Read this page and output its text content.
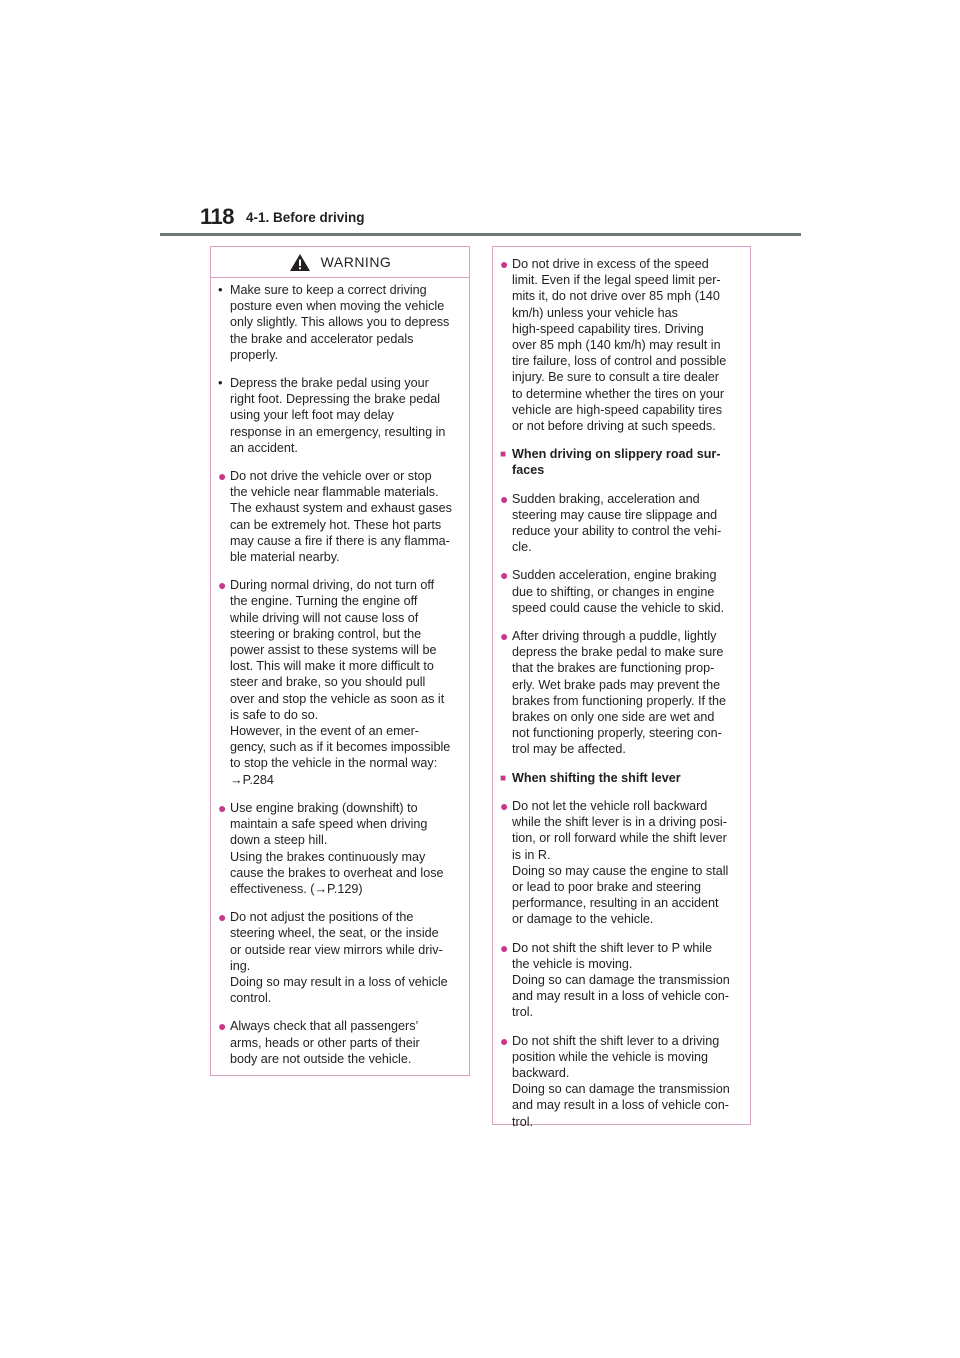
118 4-1. Before driving
WARNING
• Make sure to keep a correct driving
posture even when moving the vehicle
only slightly. This allows you to depress
the brake and accelerator pedals
properly.

• Depress the brake pedal using your
right foot. Depressing the brake pedal
using your left foot may delay
response in an emergency, resulting in
an accident.

● Do not drive the vehicle over or stop
the vehicle near flammable materials.
The exhaust system and exhaust gases
can be extremely hot. These hot parts
may cause a fire if there is any flamma-
ble material nearby.

● During normal driving, do not turn off
the engine. Turning the engine off
while driving will not cause loss of
steering or braking control, but the
power assist to these systems will be
lost. This will make it more difficult to
steer and brake, so you should pull
over and stop the vehicle as soon as it
is safe to do so.
However, in the event of an emer-
gency, such as if it becomes impossible
to stop the vehicle in the normal way:
→P.284

● Use engine braking (downshift) to
maintain a safe speed when driving
down a steep hill.
Using the brakes continuously may
cause the brakes to overheat and lose
effectiveness. (→P.129)

● Do not adjust the positions of the
steering wheel, the seat, or the inside
or outside rear view mirrors while driv-
ing.
Doing so may result in a loss of vehicle
control.

● Always check that all passengers’
arms, heads or other parts of their
body are not outside the vehicle.

● Do not drive in excess of the speed
limit. Even if the legal speed limit per-
mits it, do not drive over 85 mph (140
km/h) unless your vehicle has
high-speed capability tires. Driving
over 85 mph (140 km/h) may result in
tire failure, loss of control and possible
injury. Be sure to consult a tire dealer
to determine whether the tires on your
vehicle are high-speed capability tires
or not before driving at such speeds.

■ When driving on slippery road sur-
faces

● Sudden braking, acceleration and
steering may cause tire slippage and
reduce your ability to control the vehi-
cle.

● Sudden acceleration, engine braking
due to shifting, or changes in engine
speed could cause the vehicle to skid.

● After driving through a puddle, lightly
depress the brake pedal to make sure
that the brakes are functioning prop-
erly. Wet brake pads may prevent the
brakes from functioning properly. If the
brakes on only one side are wet and
not functioning properly, steering con-
trol may be affected.

■ When shifting the shift lever

● Do not let the vehicle roll backward
while the shift lever is in a driving posi-
tion, or roll forward while the shift lever
is in R.
Doing so may cause the engine to stall
or lead to poor brake and steering
performance, resulting in an accident
or damage to the vehicle.

● Do not shift the shift lever to P while
the vehicle is moving.
Doing so can damage the transmission
and may result in a loss of vehicle con-
trol.

● Do not shift the shift lever to a driving
position while the vehicle is moving
backward.
Doing so can damage the transmission
and may result in a loss of vehicle con-
trol.
